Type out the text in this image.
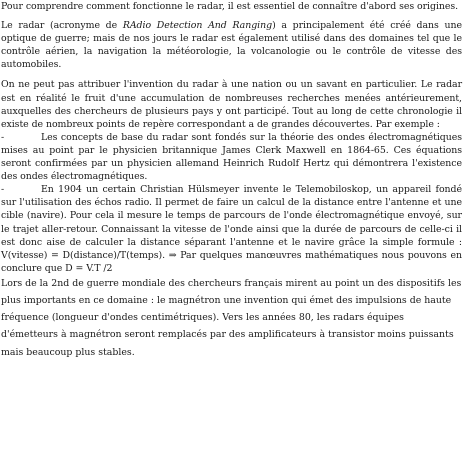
Pour comprendre comment fonctionne le radar, il est essentiel de connaître d'abord ses origines.

Le radar (acronyme de RAdio Detection And Ranging) a principalement été créé dans une optique de guerre; mais de nos jours le radar est également utilisé dans des domaines tel que le contrôle aérien, la navigation la météorologie, la volcanologie ou le contrôle de vitesse des automobiles.

On ne peut pas attribuer l'invention du radar à une nation ou un savant en particulier. Le radar est en réalité le fruit d'une accumulation de nombreuses recherches menées antérieurement, auxquelles des chercheurs de plusieurs pays y ont participé. Tout au long de cette chronologie il existe de nombreux points de repère correspondant a de grandes découvertes. Par exemple :

-	Les concepts de base du radar sont fondés sur la théorie des ondes électromagnétiques mises au point par le physicien britannique James Clerk Maxwell en 1864-65. Ces équations seront confirmées par un physicien allemand Heinrich Rudolf Hertz qui démontrera l'existence des ondes électromagnétiques.

-	En 1904 un certain Christian Hülsmeyer invente le Telemobiloskop, un appareil fondé sur l'utilisation des échos radio. Il permet de faire un calcul de la distance entre l'antenne et une cible (navire). Pour cela il mesure le temps de parcours de l'onde électromagnétique envoyé, sur le trajet aller-retour. Connaissant la vitesse de l'onde ainsi que la durée de parcours de celle-ci il est donc aise de calculer la distance séparant l'antenne et le navire grâce la simple formule : V(vitesse) = D(distance)/T(temps). ⇒ Par quelques manœuvres mathématiques nous pouvons en conclure que D = V.T /2

Lors de la 2nd de guerre mondiale des chercheurs français mirent au point un des dispositifs les plus importants en ce domaine : le magnétron une invention qui émet des impulsions de haute fréquence (longueur d'ondes centimétriques). Vers les années 80, les radars équipes d'émetteurs à magnétron seront remplacés par des amplificateurs à transistor moins puissants mais beaucoup plus stables.
